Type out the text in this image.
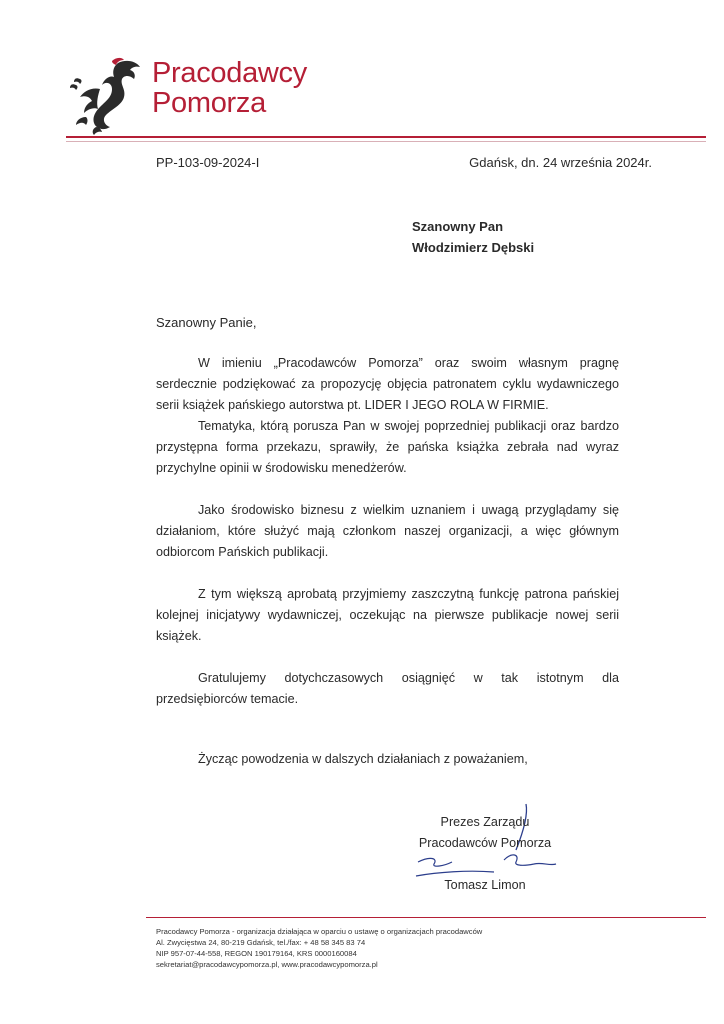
Pracodawcy
Pomorza
PP-103-09-2024-I	Gdańsk, dn. 24 września 2024r.
Szanowny Pan
Włodzimierz Dębski
Szanowny Panie,

W imieniu „Pracodawców Pomorza” oraz swoim własnym pragnę serdecznie podziękować za propozycję objęcia patronatem cyklu wydawniczego serii książek pańskiego autorstwa pt. LIDER I JEGO ROLA W FIRMIE.

Tematyka, którą porusza Pan w swojej poprzedniej publikacji oraz bardzo przystępna forma przekazu, sprawiły, że pańska książka zebrała nad wyraz przychylne opinii w środowisku menedżerów.

Jako środowisko biznesu z wielkim uznaniem i uwagą przyglądamy się działaniom, które służyć mają członkom naszej organizacji, a więc głównym odbiorcom Pańskich publikacji.

Z tym większą aprobatą przyjmiemy zaszczytną funkcję patrona pańskiej kolejnej inicjatywy wydawniczej, oczekując na pierwsze publikacje nowej serii książek.

Gratulujemy dotychczasowych osiągnięć w tak istotnym dla przedsiębiorców temacie.

Życząc powodzenia w dalszych działaniach z poważaniem,
Prezes Zarządu
Pracodawców Pomorza
Tomasz Limon
Pracodawcy Pomorza - organizacja działająca w oparciu o ustawę o organizacjach pracodawców
Al. Zwycięstwa 24, 80-219 Gdańsk, tel./fax: + 48 58 345 83 74
NIP 957-07-44-558, REGON 190179164, KRS 0000160084
sekretariat@pracodawcypomorza.pl, www.pracodawcypomorza.pl
